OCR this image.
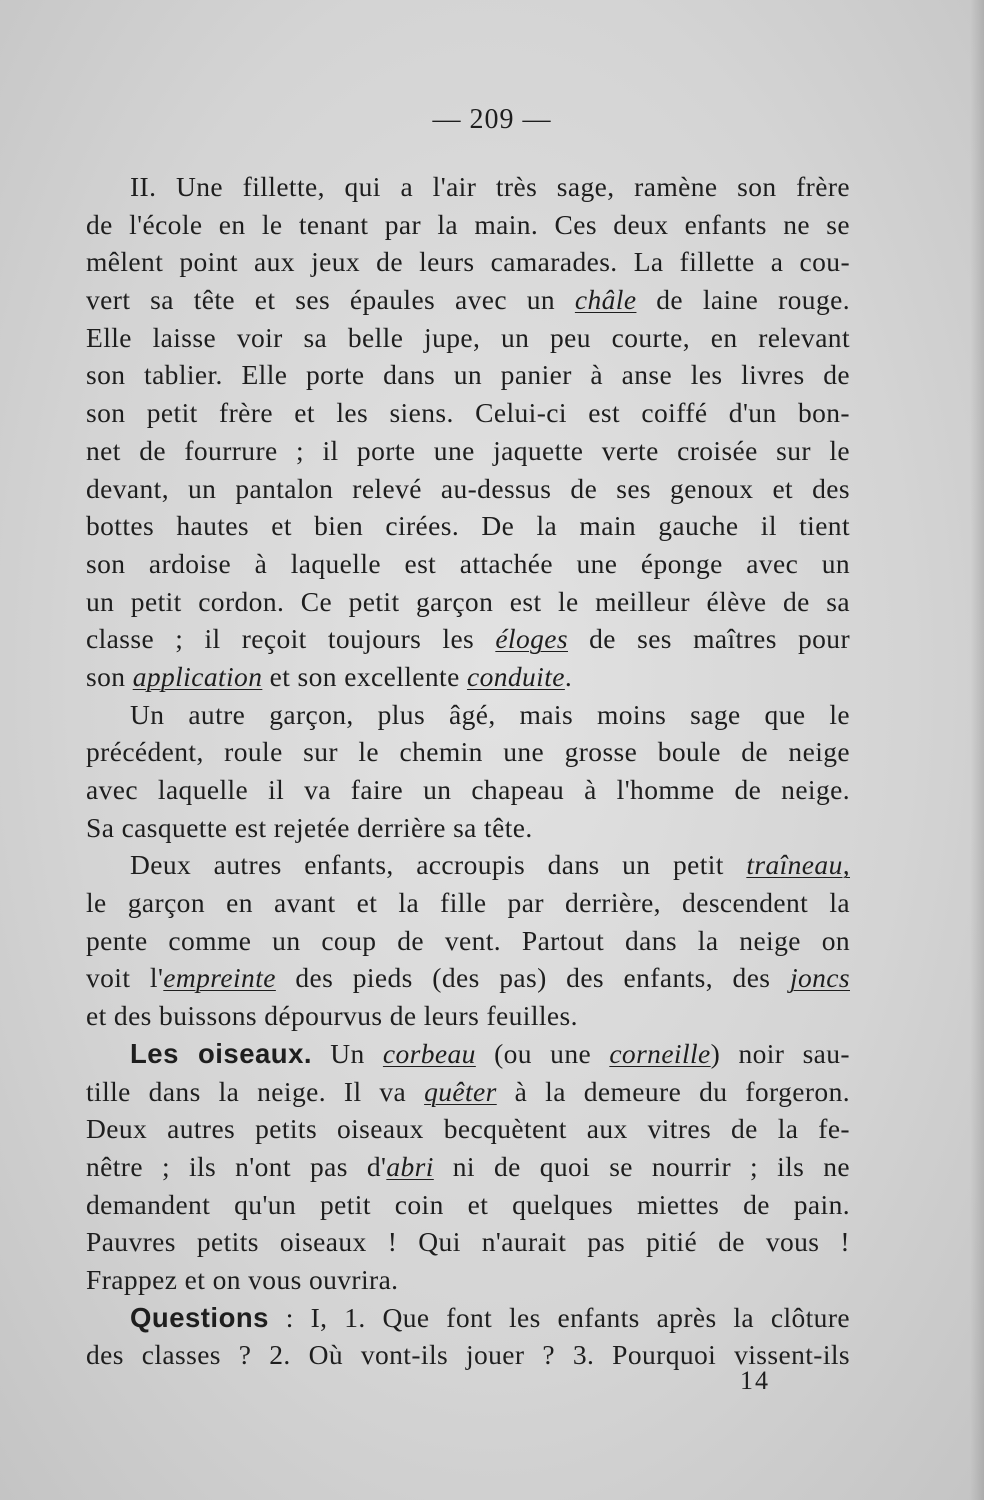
— 209 —
II. Une fillette, qui a l'air très sage, ramène son frère
de l'école en le tenant par la main. Ces deux enfants ne se
mêlent point aux jeux de leurs camarades. La fillette a cou-
vert sa tête et ses épaules avec un châle de laine rouge.
Elle laisse voir sa belle jupe, un peu courte, en relevant
son tablier. Elle porte dans un panier à anse les livres de
son petit frère et les siens. Celui-ci est coiffé d'un bon-
net de fourrure ; il porte une jaquette verte croisée sur le
devant, un pantalon relevé au-dessus de ses genoux et des
bottes hautes et bien cirées. De la main gauche il tient
son ardoise à laquelle est attachée une éponge avec un
un petit cordon. Ce petit garçon est le meilleur élève de sa
classe ; il reçoit toujours les éloges de ses maîtres pour
son application et son excellente conduite.
Un autre garçon, plus âgé, mais moins sage que le
précédent, roule sur le chemin une grosse boule de neige
avec laquelle il va faire un chapeau à l'homme de neige.
Sa casquette est rejetée derrière sa tête.
Deux autres enfants, accroupis dans un petit traîneau,
le garçon en avant et la fille par derrière, descendent la
pente comme un coup de vent. Partout dans la neige on
voit l'empreinte des pieds (des pas) des enfants, des joncs
et des buissons dépourvus de leurs feuilles.
Les oiseaux. Un corbeau (ou une corneille) noir sau-
tille dans la neige. Il va quêter à la demeure du forgeron.
Deux autres petits oiseaux becquètent aux vitres de la fe-
nêtre ; ils n'ont pas d'abri ni de quoi se nourrir ; ils ne
demandent qu'un petit coin et quelques miettes de pain.
Pauvres petits oiseaux ! Qui n'aurait pas pitié de vous !
Frappez et on vous ouvrira.
Questions : I, 1. Que font les enfants après la clôture
des classes ? 2. Où vont-ils jouer ? 3. Pourquoi vissent-ils
14
